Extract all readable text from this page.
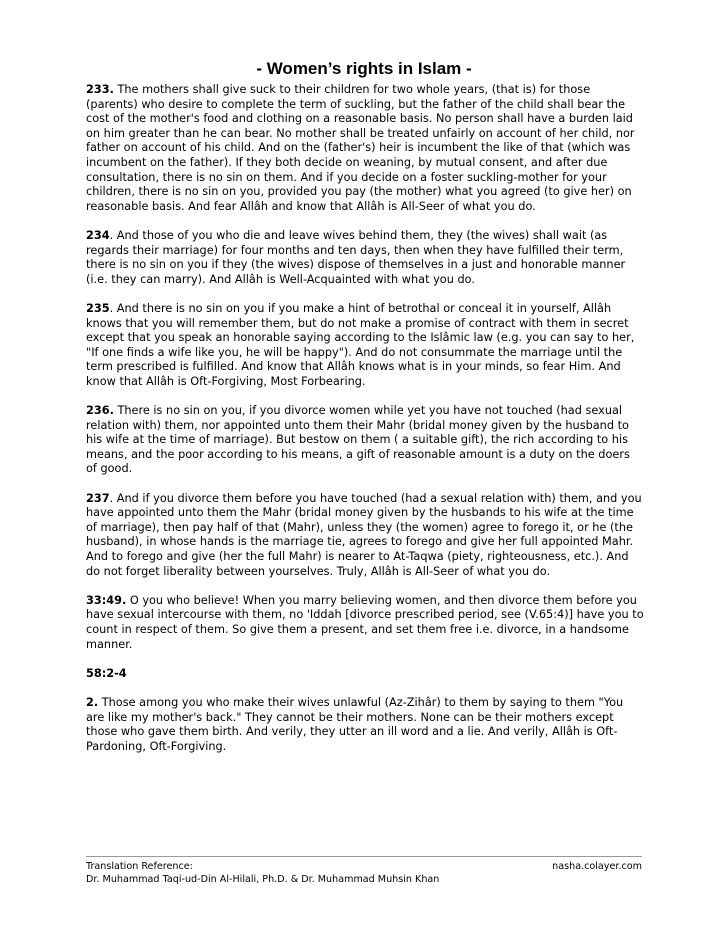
- Women’s rights in Islam -

233. The mothers shall give suck to their children for two whole years, (that is) for those (parents) who desire to complete the term of suckling, but the father of the child shall bear the cost of the mother's food and clothing on a reasonable basis. No person shall have a burden laid on him greater than he can bear. No mother shall be treated unfairly on account of her child, nor father on account of his child. And on the (father's) heir is incumbent the like of that (which was incumbent on the father). If they both decide on weaning, by mutual consent, and after due consultation, there is no sin on them. And if you decide on a foster suckling-mother for your children, there is no sin on you, provided you pay (the mother) what you agreed (to give her) on reasonable basis. And fear Allâh and know that Allâh is All-Seer of what you do.

234. And those of you who die and leave wives behind them, they (the wives) shall wait (as regards their marriage) for four months and ten days, then when they have fulfilled their term, there is no sin on you if they (the wives) dispose of themselves in a just and honorable manner (i.e. they can marry). And Allâh is Well-Acquainted with what you do.

235. And there is no sin on you if you make a hint of betrothal or conceal it in yourself, Allâh knows that you will remember them, but do not make a promise of contract with them in secret except that you speak an honorable saying according to the Islâmic law (e.g. you can say to her, "If one finds a wife like you, he will be happy"). And do not consummate the marriage until the term prescribed is fulfilled. And know that Allâh knows what is in your minds, so fear Him. And know that Allâh is Oft-Forgiving, Most Forbearing.

236. There is no sin on you, if you divorce women while yet you have not touched (had sexual relation with) them, nor appointed unto them their Mahr (bridal money given by the husband to his wife at the time of marriage). But bestow on them ( a suitable gift), the rich according to his means, and the poor according to his means, a gift of reasonable amount is a duty on the doers of good.

237. And if you divorce them before you have touched (had a sexual relation with) them, and you have appointed unto them the Mahr (bridal money given by the husbands to his wife at the time of marriage), then pay half of that (Mahr), unless they (the women) agree to forego it, or he (the husband), in whose hands is the marriage tie, agrees to forego and give her full appointed Mahr. And to forego and give (her the full Mahr) is nearer to At-Taqwa (piety, righteousness, etc.). And do not forget liberality between yourselves. Truly, Allâh is All-Seer of what you do.

33:49. O you who believe! When you marry believing women, and then divorce them before you have sexual intercourse with them, no 'Iddah [divorce prescribed period, see (V.65:4)] have you to count in respect of them. So give them a present, and set them free i.e. divorce, in a handsome manner.

58:2-4

2. Those among you who make their wives unlawful (Az-Zihâr) to them by saying to them "You are like my mother's back." They cannot be their mothers. None can be their mothers except those who gave them birth. And verily, they utter an ill word and a lie. And verily, Allâh is Oft-Pardoning, Oft-Forgiving.

Translation Reference:	nasha.colayer.com
Dr. Muhammad Taqi-ud-Din Al-Hilali, Ph.D. & Dr. Muhammad Muhsin Khan
